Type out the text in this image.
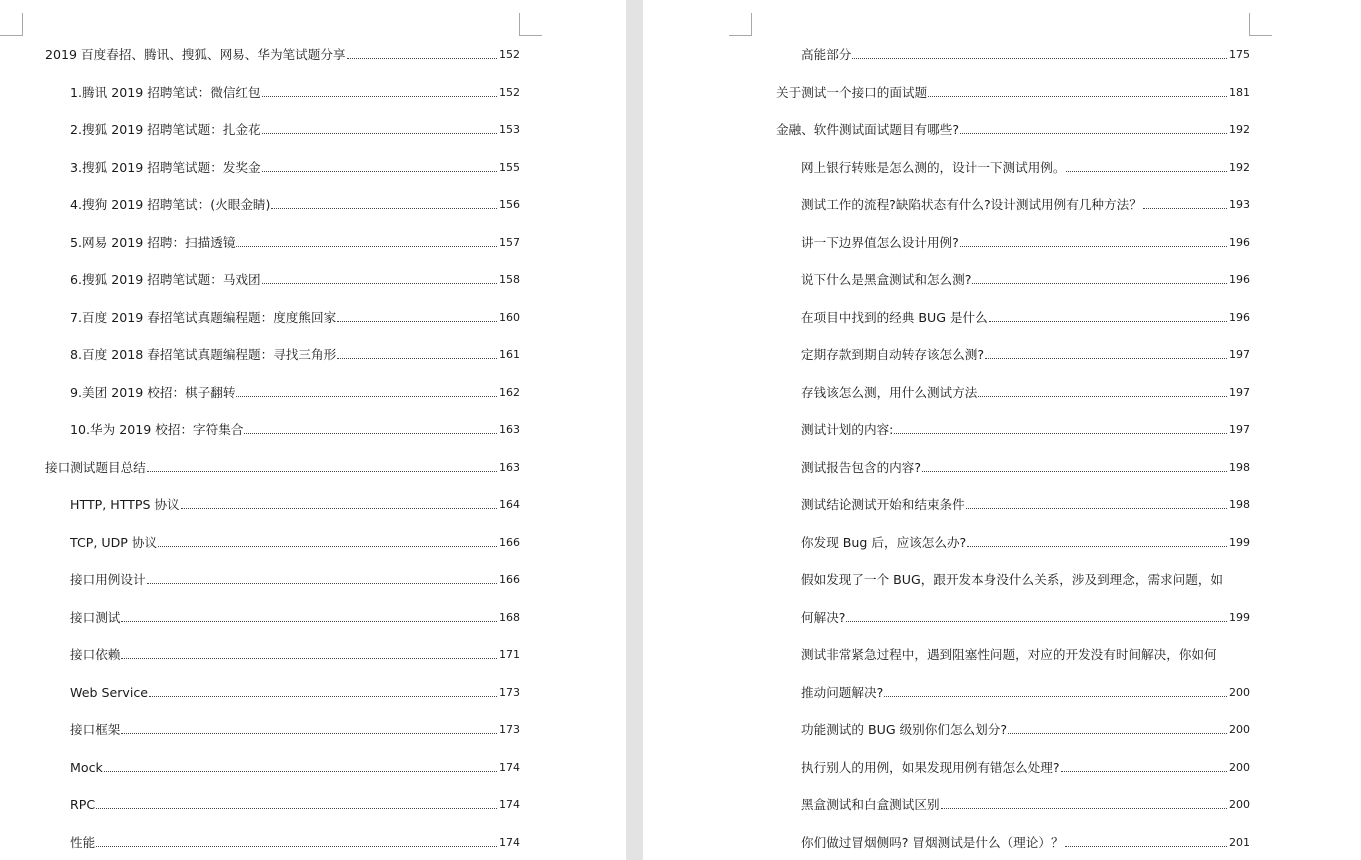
2019 百度春招、腾讯、搜狐、网易、华为笔试题分享	152
1.腾讯 2019 招聘笔试：微信红包	152
2.搜狐 2019 招聘笔试题：扎金花	153
3.搜狐 2019 招聘笔试题：发奖金	155
4.搜狗 2019 招聘笔试：(火眼金睛)	156
5.网易 2019 招聘：扫描透镜	157
6.搜狐 2019 招聘笔试题：马戏团	158
7.百度 2019 春招笔试真题编程题：度度熊回家	160
8.百度 2018 春招笔试真题编程题：寻找三角形	161
9.美团 2019 校招：棋子翻转	162
10.华为 2019 校招：字符集合	163
接口测试题目总结	163
HTTP, HTTPS 协议	164
TCP, UDP 协议	166
接口用例设计	166
接口测试	168
接口依赖	171
Web Service	173
接口框架	173
Mock	174
RPC	174
性能	174
高能部分	175
关于测试一个接口的面试题	181
金融、软件测试面试题目有哪些?	192
网上银行转账是怎么测的，设计一下测试用例。	192
测试工作的流程?缺陷状态有什么?设计测试用例有几种方法？	193
讲一下边界值怎么设计用例?	196
说下什么是黑盒测试和怎么测?	196
在项目中找到的经典 BUG 是什么	196
定期存款到期自动转存该怎么测?	197
存钱该怎么测，用什么测试方法	197
测试计划的内容:	197
测试报告包含的内容?	198
测试结论测试开始和结束条件	198
你发现 Bug 后，应该怎么办?	199
假如发现了一个 BUG，跟开发本身没什么关系，涉及到理念，需求问题，如
何解决?	199
测试非常紧急过程中，遇到阻塞性问题，对应的开发没有时间解决，你如何
推动问题解决?	200
功能测试的 BUG 级别你们怎么划分?	200
执行别人的用例，如果发现用例有错怎么处理?	200
黑盒测试和白盒测试区别	200
你们做过冒烟侧吗? 冒烟测试是什么（理论）？	201
